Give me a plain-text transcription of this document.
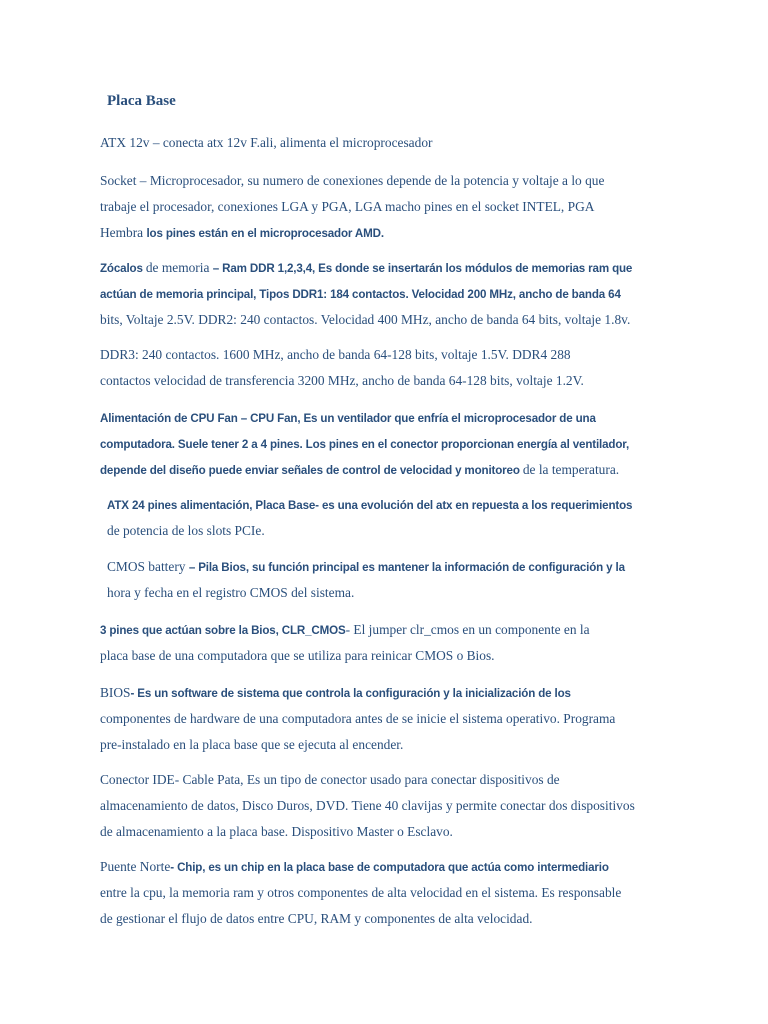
Placa Base
ATX 12v – conecta atx 12v F.ali, alimenta el microprocesador
Socket – Microprocesador, su numero de conexiones depende de la potencia y voltaje a lo que
trabaje el procesador, conexiones LGA y PGA, LGA macho pines en el socket INTEL, PGA
Hembra los pines están en el microprocesador AMD.
Zócalos de memoria – Ram DDR 1,2,3,4, Es donde se insertarán los módulos de memorias ram que
actúan de memoria principal, Tipos DDR1: 184 contactos. Velocidad 200 MHz, ancho de banda 64
bits, Voltaje 2.5V. DDR2: 240 contactos. Velocidad 400 MHz, ancho de banda 64 bits, voltaje 1.8v.
DDR3: 240 contactos. 1600 MHz, ancho de banda 64-128 bits, voltaje 1.5V. DDR4 288
contactos velocidad de transferencia 3200 MHz, ancho de banda 64-128 bits, voltaje 1.2V.
Alimentación de CPU Fan – CPU Fan, Es un ventilador que enfría el microprocesador de una
computadora. Suele tener 2 a 4 pines. Los pines en el conector proporcionan energía al ventilador,
depende del diseño puede enviar señales de control de velocidad y monitoreo de la temperatura.
ATX 24 pines alimentación, Placa Base- es una evolución del atx en repuesta a los requerimientos
de potencia de los slots PCIe.
CMOS battery – Pila Bios, su función principal es mantener la información de configuración y la
hora y fecha en el registro CMOS del sistema.
3 pines que actúan sobre la Bios, CLR_CMOS- El jumper clr_cmos en un componente en la
placa base de una computadora que se utiliza para reinicar CMOS o Bios.
BIOS- Es un software de sistema que controla la configuración y la inicialización de los
componentes de hardware de una computadora antes de se inicie el sistema operativo. Programa
pre-instalado en la placa base que se ejecuta al encender.
Conector IDE- Cable Pata, Es un tipo de conector usado para conectar dispositivos de
almacenamiento de datos, Disco Duros, DVD. Tiene 40 clavijas y permite conectar dos dispositivos
de almacenamiento a la placa base. Dispositivo Master o Esclavo.
Puente Norte- Chip, es un chip en la placa base de computadora que actúa como intermediario
entre la cpu, la memoria ram y otros componentes de alta velocidad en el sistema. Es responsable
de gestionar el flujo de datos entre CPU, RAM y componentes de alta velocidad.
